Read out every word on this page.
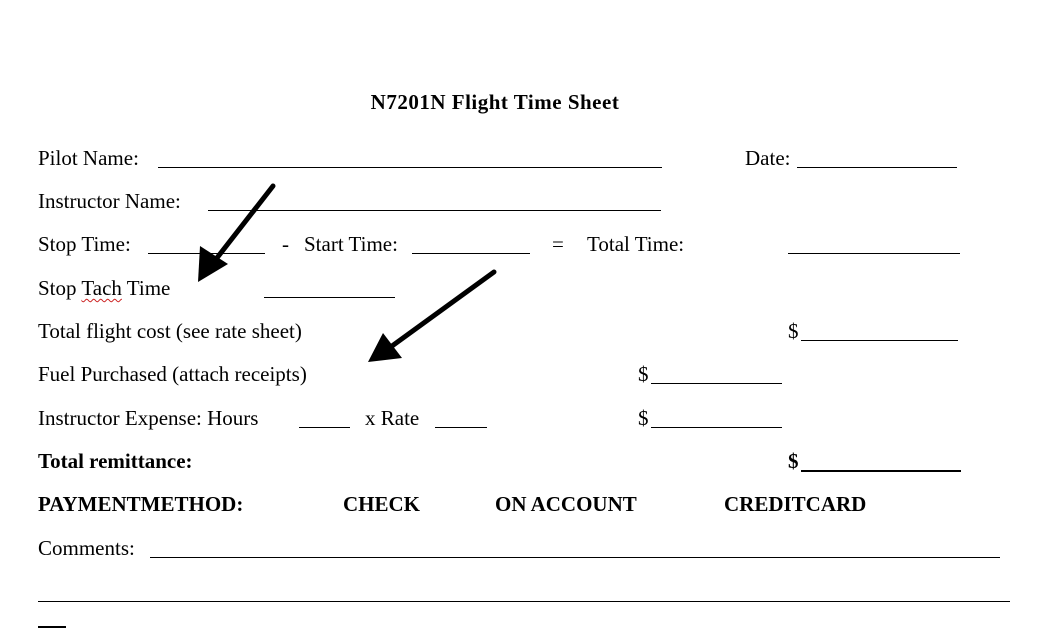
N7201N Flight Time Sheet
Pilot Name:	Date:
Instructor Name:
Stop Time:	- Start Time:	= Total Time:
Stop Tach Time
Total flight cost (see rate sheet)	$
Fuel Purchased (attach receipts)	$
Instructor Expense: Hours	x Rate	$
Total remittance:	$
PAYMENTMETHOD:	CHECK	ON ACCOUNT	CREDITCARD
Comments:
